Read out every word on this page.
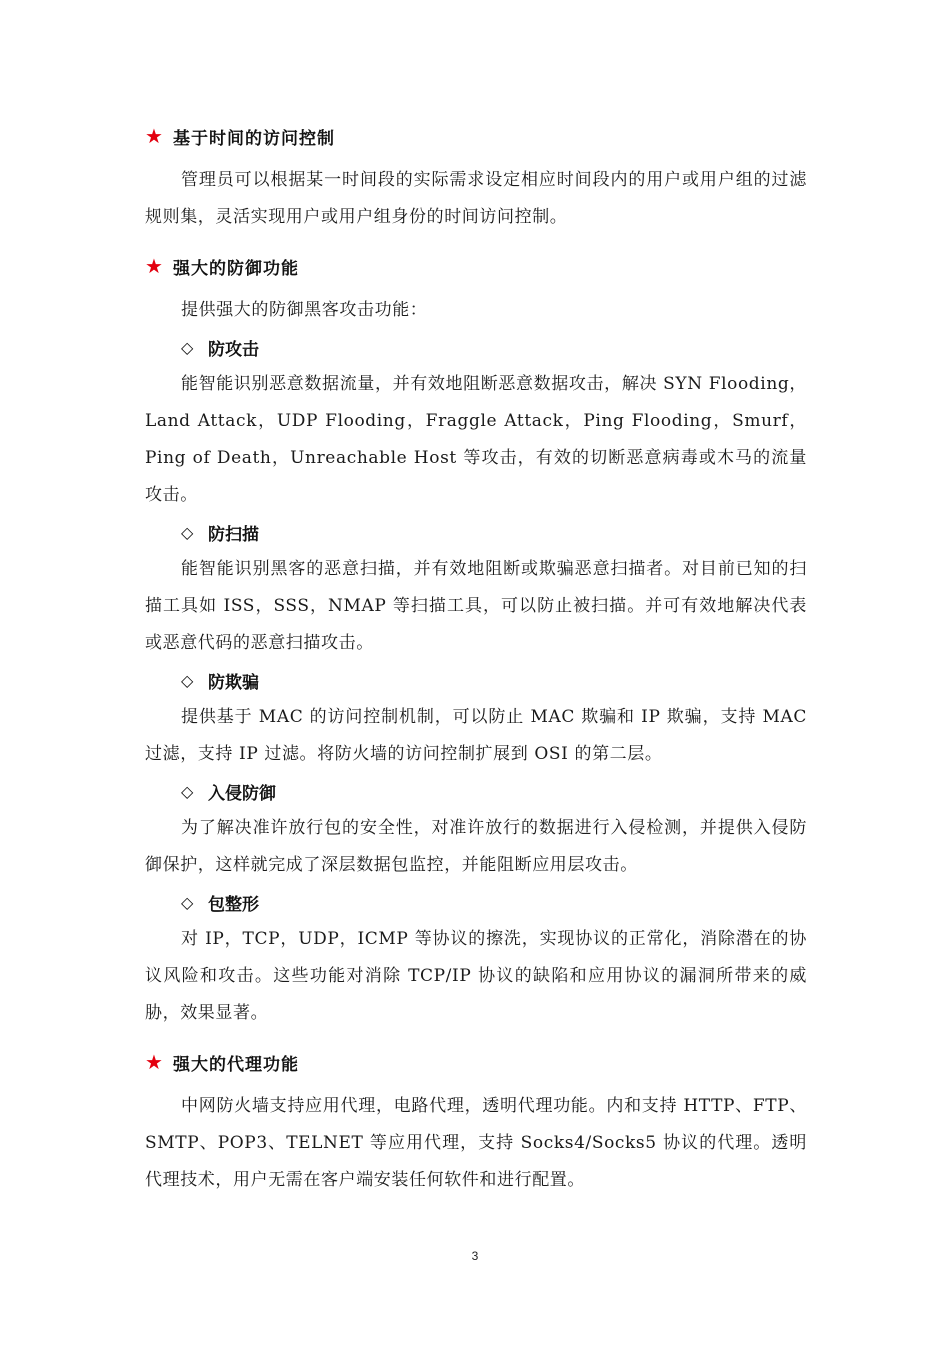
★ 基于时间的访问控制

管理员可以根据某一时间段的实际需求设定相应时间段内的用户或用户组的过滤规则集，灵活实现用户或用户组身份的时间访问控制。

★ 强大的防御功能

提供强大的防御黑客攻击功能：

◇ 防攻击

能智能识别恶意数据流量，并有效地阻断恶意数据攻击，解决 SYN Flooding，Land Attack，UDP Flooding，Fraggle Attack，Ping Flooding，Smurf，Ping of Death，Unreachable Host 等攻击，有效的切断恶意病毒或木马的流量攻击。

◇ 防扫描

能智能识别黑客的恶意扫描，并有效地阻断或欺骗恶意扫描者。对目前已知的扫描工具如 ISS，SSS，NMAP 等扫描工具，可以防止被扫描。并可有效地解决代表或恶意代码的恶意扫描攻击。

◇ 防欺骗

提供基于 MAC 的访问控制机制，可以防止 MAC 欺骗和 IP 欺骗，支持 MAC 过滤，支持 IP 过滤。将防火墙的访问控制扩展到 OSI 的第二层。

◇ 入侵防御

为了解决准许放行包的安全性，对准许放行的数据进行入侵检测，并提供入侵防御保护，这样就完成了深层数据包监控，并能阻断应用层攻击。

◇ 包整形

对 IP，TCP，UDP，ICMP 等协议的擦洗，实现协议的正常化，消除潜在的协议风险和攻击。这些功能对消除 TCP/IP 协议的缺陷和应用协议的漏洞所带来的威胁，效果显著。

★ 强大的代理功能

中网防火墙支持应用代理，电路代理，透明代理功能。内和支持 HTTP、FTP、SMTP、POP3、TELNET 等应用代理，支持 Socks4/Socks5 协议的代理。透明代理技术，用户无需在客户端安装任何软件和进行配置。

3
